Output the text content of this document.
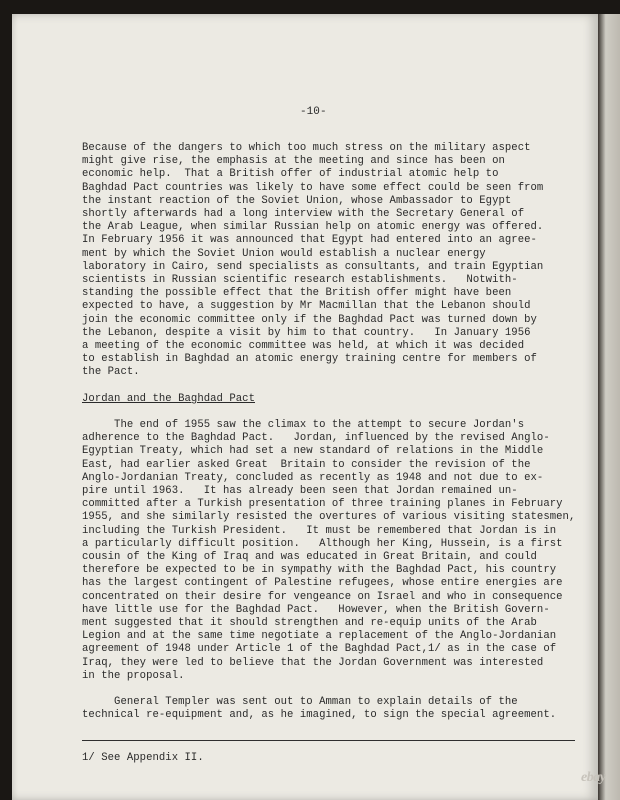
-10-
Because of the dangers to which too much stress on the military aspect
might give rise, the emphasis at the meeting and since has been on
economic help.  That a British offer of industrial atomic help to
Baghdad Pact countries was likely to have some effect could be seen from
the instant reaction of the Soviet Union, whose Ambassador to Egypt
shortly afterwards had a long interview with the Secretary General of
the Arab League, when similar Russian help on atomic energy was offered.
In February 1956 it was announced that Egypt had entered into an agree-
ment by which the Soviet Union would establish a nuclear energy
laboratory in Cairo, send specialists as consultants, and train Egyptian
scientists in Russian scientific research establishments.   Notwith-
standing the possible effect that the British offer might have been
expected to have, a suggestion by Mr Macmillan that the Lebanon should
join the economic committee only if the Baghdad Pact was turned down by
the Lebanon, despite a visit by him to that country.   In January 1956
a meeting of the economic committee was held, at which it was decided
to establish in Baghdad an atomic energy training centre for members of
the Pact.
Jordan and the Baghdad Pact
The end of 1955 saw the climax to the attempt to secure Jordan's
adherence to the Baghdad Pact.   Jordan, influenced by the revised Anglo-
Egyptian Treaty, which had set a new standard of relations in the Middle
East, had earlier asked Great  Britain to consider the revision of the
Anglo-Jordanian Treaty, concluded as recently as 1948 and not due to ex-
pire until 1963.   It has already been seen that Jordan remained un-
committed after a Turkish presentation of three training planes in February
1955, and she similarly resisted the overtures of various visiting statesmen,
including the Turkish President.   It must be remembered that Jordan is in
a particularly difficult position.   Although her King, Hussein, is a first
cousin of the King of Iraq and was educated in Great Britain, and could
therefore be expected to be in sympathy with the Baghdad Pact, his country
has the largest contingent of Palestine refugees, whose entire energies are
concentrated on their desire for vengeance on Israel and who in consequence
have little use for the Baghdad Pact.   However, when the British Govern-
ment suggested that it should strengthen and re-equip units of the Arab
Legion and at the same time negotiate a replacement of the Anglo-Jordanian
agreement of 1948 under Article 1 of the Baghdad Pact,1/ as in the case of
Iraq, they were led to believe that the Jordan Government was interested
in the proposal.
General Templer was sent out to Amman to explain details of the
technical re-equipment and, as he imagined, to sign the special agreement.
1/ See Appendix II.
ebay
